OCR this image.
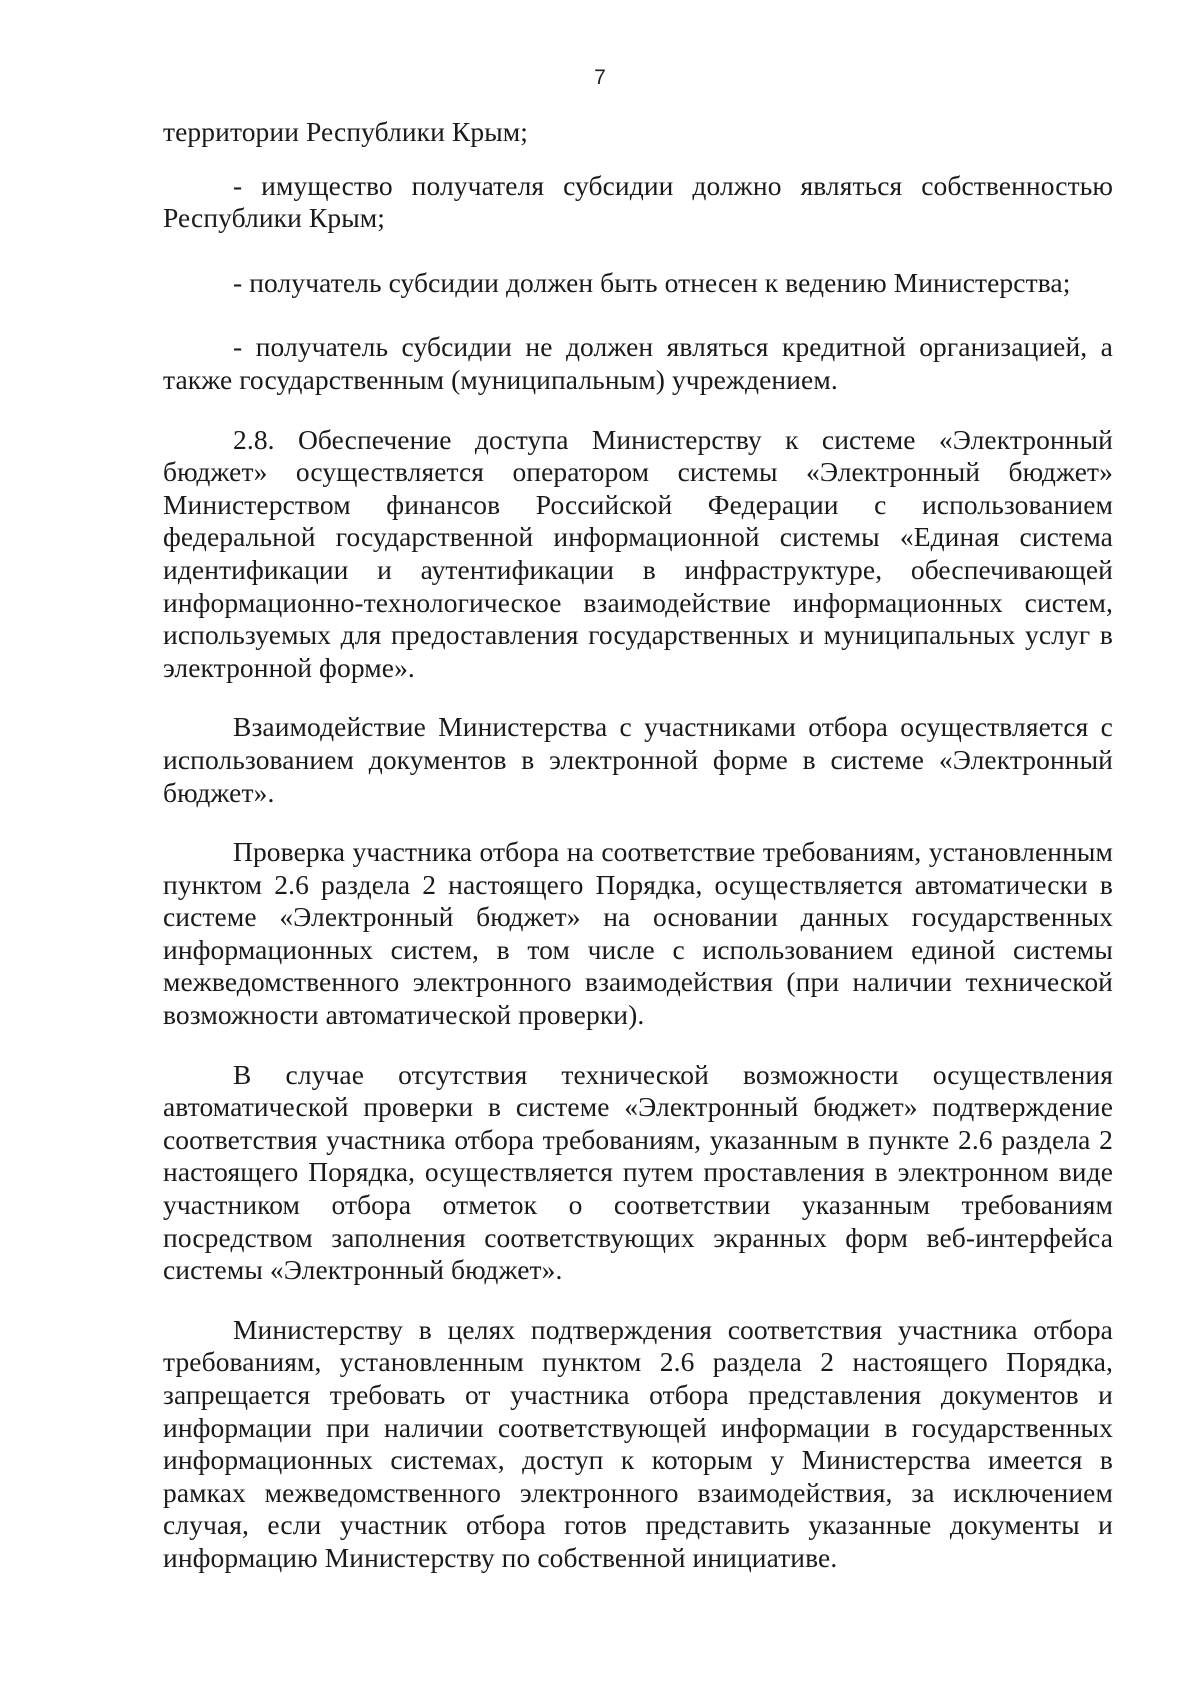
7

территории Республики Крым;

- имущество получателя субсидии должно являться собственностью Республики Крым;

- получатель субсидии должен быть отнесен к ведению Министерства;

- получатель субсидии не должен являться кредитной организацией, а также государственным (муниципальным) учреждением.

2.8. Обеспечение доступа Министерству к системе «Электронный бюджет» осуществляется оператором системы «Электронный бюджет» Министерством финансов Российской Федерации с использованием федеральной государственной информационной системы «Единая система идентификации и аутентификации в инфраструктуре, обеспечивающей информационно-технологическое взаимодействие информационных систем, используемых для предоставления государственных и муниципальных услуг в электронной форме».

Взаимодействие Министерства с участниками отбора осуществляется с использованием документов в электронной форме в системе «Электронный бюджет».

Проверка участника отбора на соответствие требованиям, установленным пунктом 2.6 раздела 2 настоящего Порядка, осуществляется автоматически в системе «Электронный бюджет» на основании данных государственных информационных систем, в том числе с использованием единой системы межведомственного электронного взаимодействия (при наличии технической возможности автоматической проверки).

В случае отсутствия технической возможности осуществления автоматической проверки в системе «Электронный бюджет» подтверждение соответствия участника отбора требованиям, указанным в пункте 2.6 раздела 2 настоящего Порядка, осуществляется путем проставления в электронном виде участником отбора отметок о соответствии указанным требованиям посредством заполнения соответствующих экранных форм веб-интерфейса системы «Электронный бюджет».

Министерству в целях подтверждения соответствия участника отбора требованиям, установленным пунктом 2.6 раздела 2 настоящего Порядка, запрещается требовать от участника отбора представления документов и информации при наличии соответствующей информации в государственных информационных системах, доступ к которым у Министерства имеется в рамках межведомственного электронного взаимодействия, за исключением случая, если участник отбора готов представить указанные документы и информацию Министерству по собственной инициативе.
